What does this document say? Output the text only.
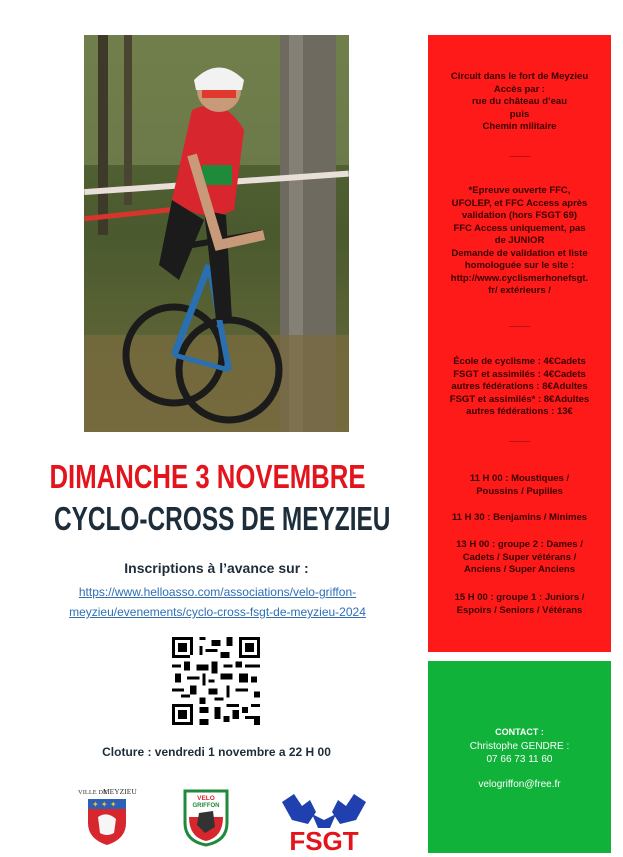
DIMANCHE 3 NOVEMBRE
CYCLO-CROSS DE MEYZIEU
Inscriptions à l’avance sur :
https://www.helloasso.com/associations/velo-griffon-
meyzieu/evenements/cyclo-cross-fsgt-de-meyzieu-2024
Cloture : vendredi 1 novembre a 22 H 00
VILLE DE
MEYZIEU
✦ ✦ ✦
VELO
GRIFFON
FSGT
Circuit dans le fort de Meyzieu
Accès par :
rue du château d’eau
puis
Chemin militaire
____
*Epreuve ouverte FFC,
UFOLEP, et FFC Access après
validation (hors FSGT 69)
FFC Access uniquement, pas
de JUNIOR
Demande de validation et liste
homologuée sur le site :
http://www.cyclismerhonefsgt.
fr/ extérieurs /
____
École de cyclisme : 4€Cadets
FSGT et assimilés : 4€Cadets
autres fédérations : 8€Adultes
FSGT et assimilés* : 8€Adultes
autres fédérations : 13€
____
11 H 00 : Moustiques /
Poussins / Pupilles
11 H 30 : Benjamins / Minimes
13 H 00 : groupe 2 : Dames /
Cadets / Super vétérans /
Anciens / Super Anciens
15 H 00 : groupe 1 : Juniors /
Espoirs / Seniors / Vétérans
CONTACT :
Christophe GENDRE :
07 66 73 11 60
velogriffon@free.fr
